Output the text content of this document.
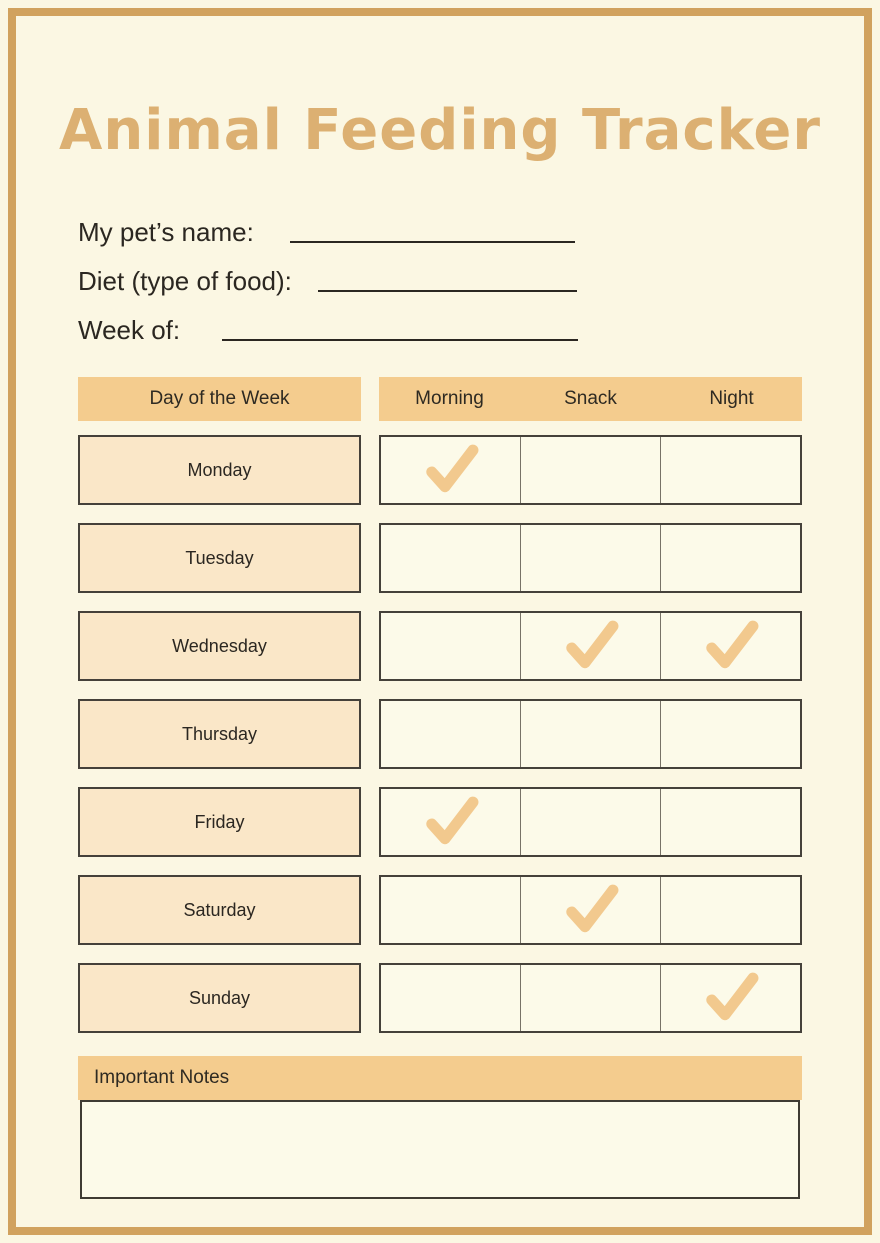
Animal Feeding Tracker
My pet’s name:
Diet (type of food):
Week of:
Day of the Week	Morning	Snack	Night
Monday
Tuesday
Wednesday
Thursday
Friday
Saturday
Sunday
Important Notes
